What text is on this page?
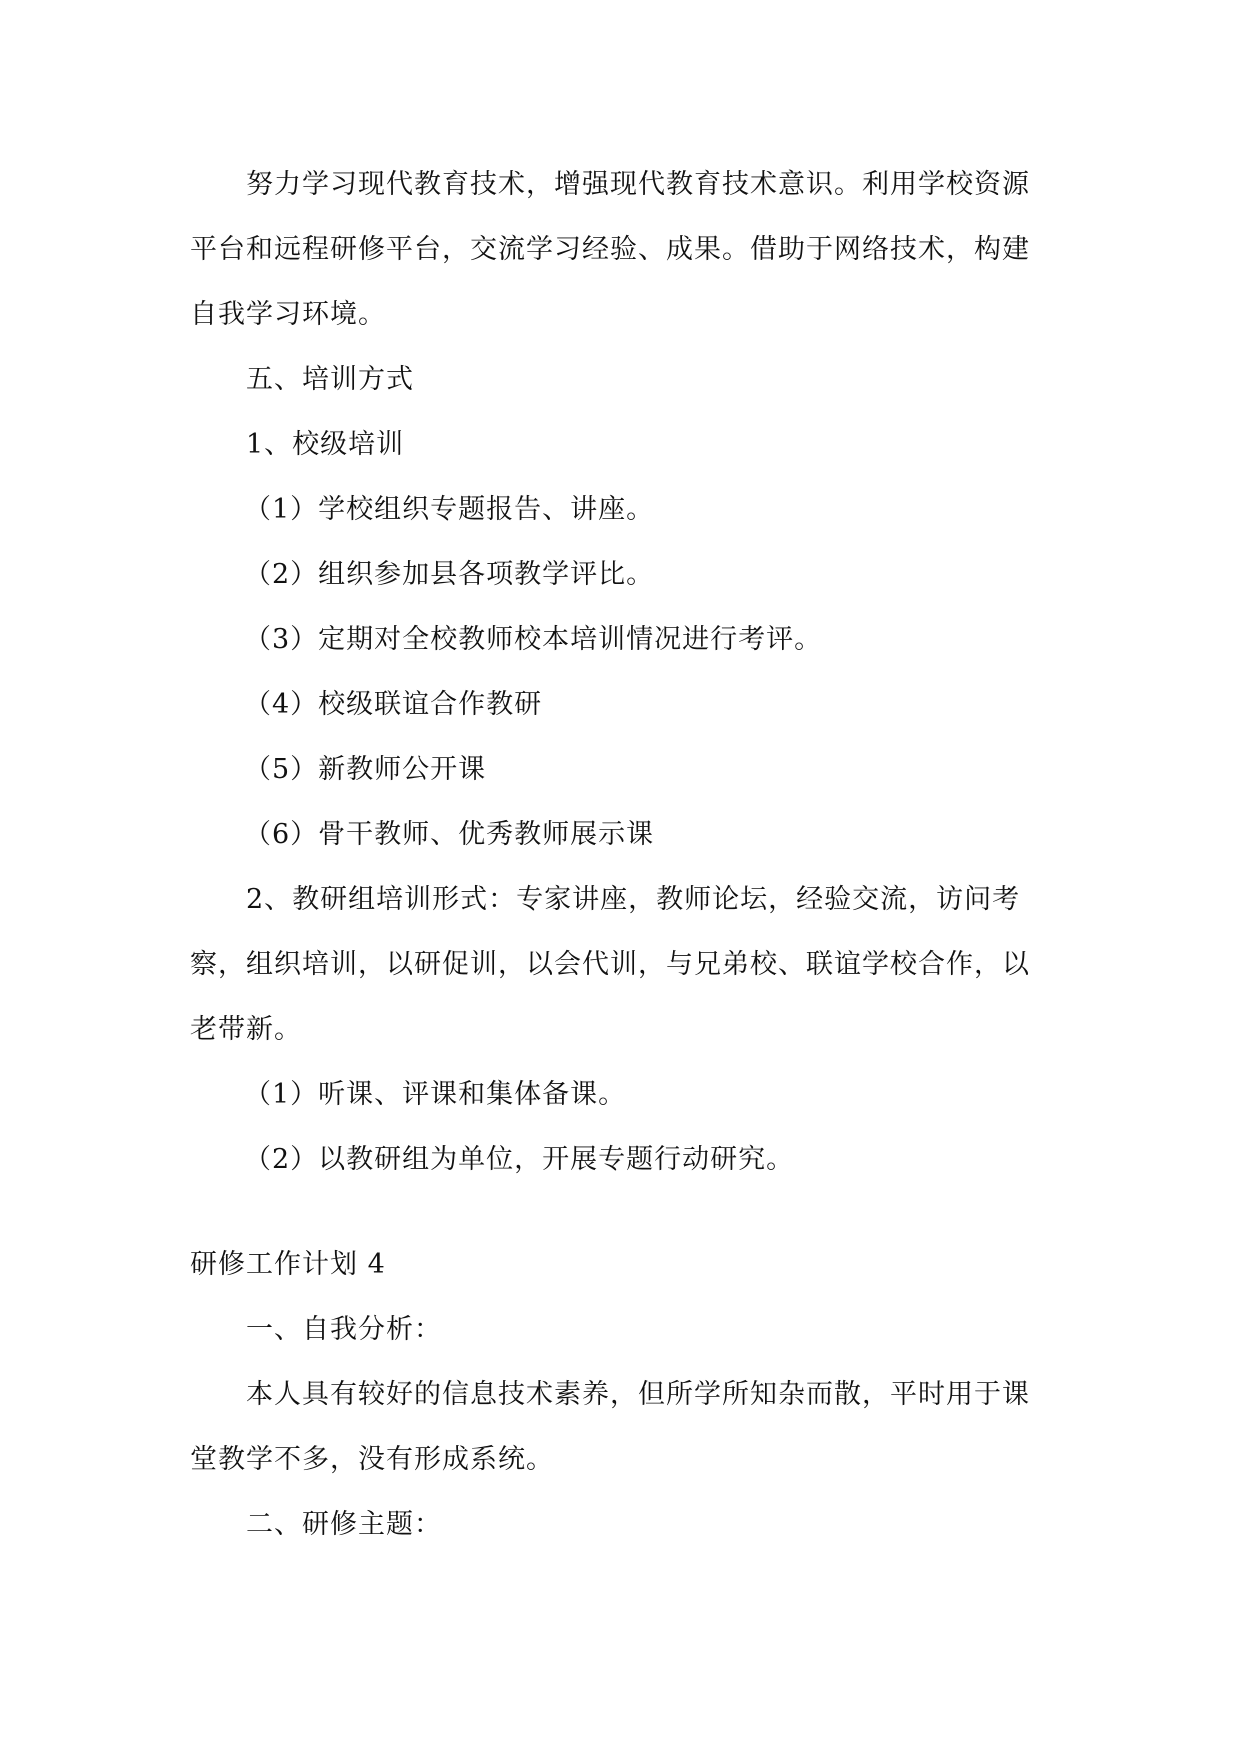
努力学习现代教育技术，增强现代教育技术意识。利用学校资源平台和远程研修平台，交流学习经验、成果。借助于网络技术，构建自我学习环境。

五、培训方式

1、校级培训

（1）学校组织专题报告、讲座。

（2）组织参加县各项教学评比。

（3）定期对全校教师校本培训情况进行考评。

（4）校级联谊合作教研

（5）新教师公开课

（6）骨干教师、优秀教师展示课

2、教研组培训形式：专家讲座，教师论坛，经验交流，访问考察，组织培训，以研促训，以会代训，与兄弟校、联谊学校合作，以老带新。

（1）听课、评课和集体备课。

（2）以教研组为单位，开展专题行动研究。

研修工作计划 4

一、自我分析：

本人具有较好的信息技术素养，但所学所知杂而散，平时用于课堂教学不多，没有形成系统。

二、研修主题：
